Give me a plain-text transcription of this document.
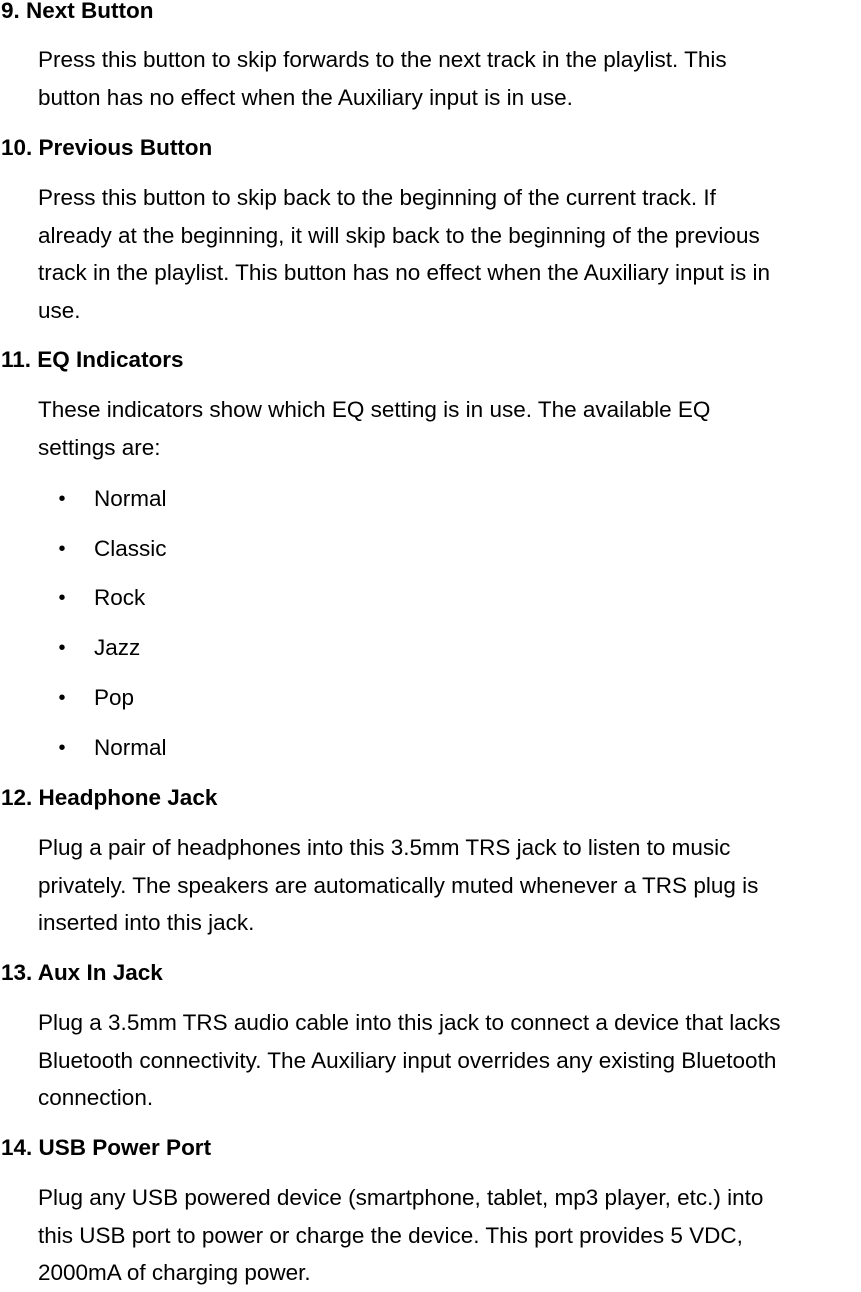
9. Next Button
Press this button to skip forwards to the next track in the playlist. This
button has no effect when the Auxiliary input is in use.
10. Previous Button
Press this button to skip back to the beginning of the current track. If
already at the beginning, it will skip back to the beginning of the previous
track in the playlist. This button has no effect when the Auxiliary input is in
use.
11. EQ Indicators
These indicators show which EQ setting is in use. The available EQ
settings are:
• Normal
• Classic
• Rock
• Jazz
• Pop
• Normal
12. Headphone Jack
Plug a pair of headphones into this 3.5mm TRS jack to listen to music
privately. The speakers are automatically muted whenever a TRS plug is
inserted into this jack.
13. Aux In Jack
Plug a 3.5mm TRS audio cable into this jack to connect a device that lacks
Bluetooth connectivity. The Auxiliary input overrides any existing Bluetooth
connection.
14. USB Power Port
Plug any USB powered device (smartphone, tablet, mp3 player, etc.) into
this USB port to power or charge the device. This port provides 5 VDC,
2000mA of charging power.
